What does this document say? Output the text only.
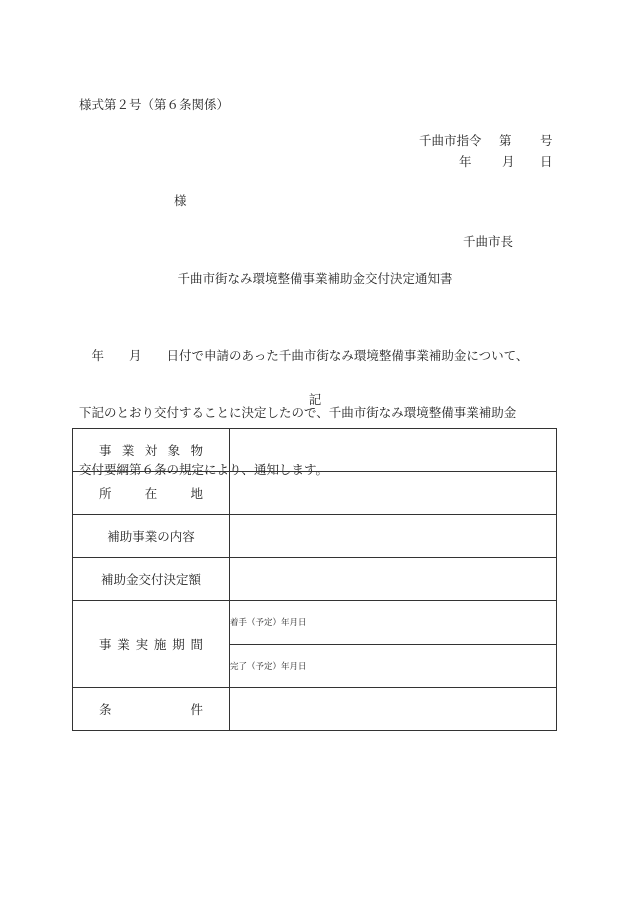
様式第２号（第６条関係）
千曲市指令 第 号
年 月 日
様
千曲市長
千曲市街なみ環境整備事業補助金交付決定通知書

　年　　月　　日付で申請のあった千曲市街なみ環境整備事業補助金について、

下記のとおり交付することに決定したので、千曲市街なみ環境整備事業補助金

交付要綱第６条の規定により、通知します。

記
事業対象物	
所在地	
補助事業の内容	
補助金交付決定額	
事業実施期間	着手（予定）年月日
	完了（予定）年月日
条件	
